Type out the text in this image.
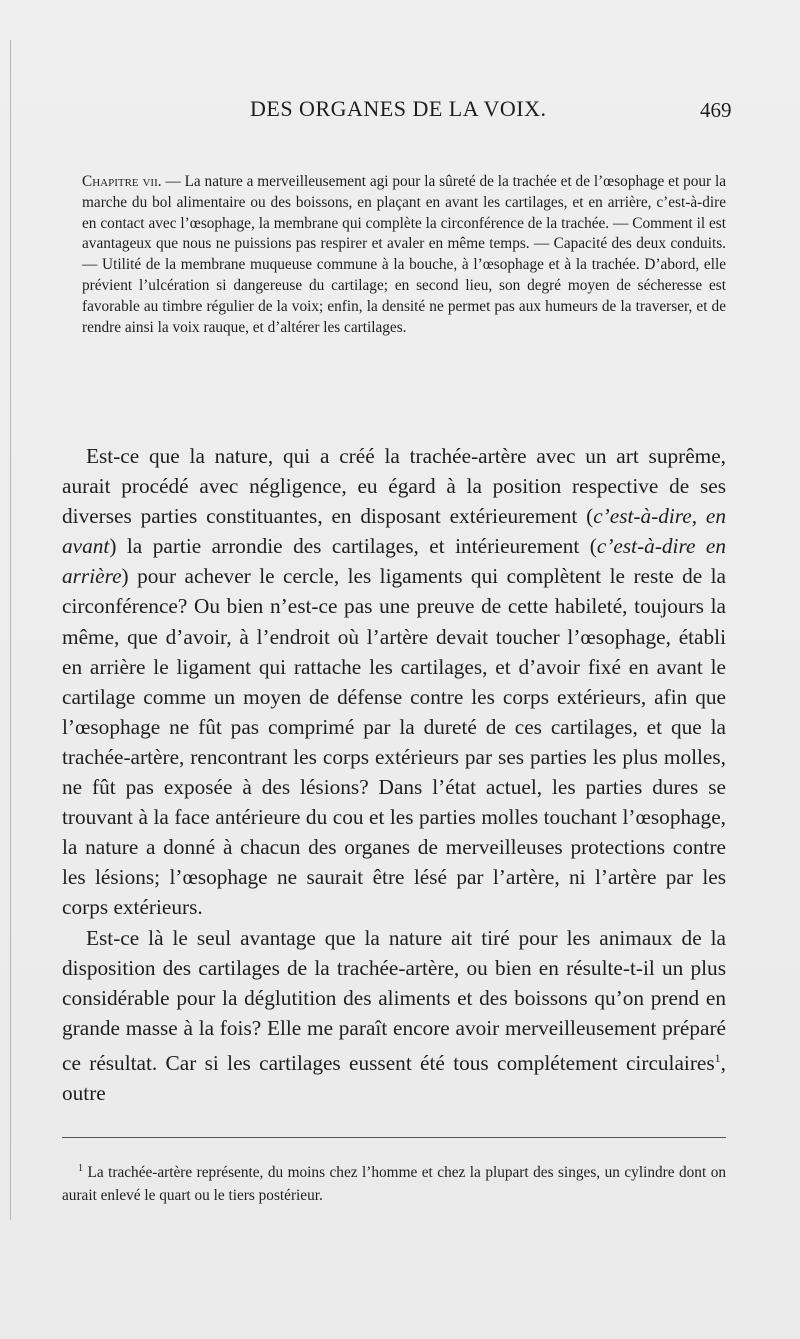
DES ORGANES DE LA VOIX.	469
Chapitre vii. — La nature a merveilleusement agi pour la sûreté de la trachée et de l’œsophage et pour la marche du bol alimentaire ou des boissons, en plaçant en avant les cartilages, et en arrière, c’est-à-dire en contact avec l’œsophage, la membrane qui complète la circonférence de la trachée. — Comment il est avantageux que nous ne puissions pas respirer et avaler en même temps. — Capacité des deux conduits. — Utilité de la membrane muqueuse commune à la bouche, à l’œsophage et à la trachée. D’abord, elle prévient l’ulcération si dangereuse du cartilage; en second lieu, son degré moyen de sécheresse est favorable au timbre régulier de la voix; enfin, la densité ne permet pas aux humeurs de la traverser, et de rendre ainsi la voix rauque, et d’altérer les cartilages.

Est-ce que la nature, qui a créé la trachée-artère avec un art suprême, aurait procédé avec négligence, eu égard à la position respective de ses diverses parties constituantes, en disposant extérieurement (c’est-à-dire, en avant) la partie arrondie des cartilages, et intérieurement (c’est-à-dire en arrière) pour achever le cercle, les ligaments qui complètent le reste de la circonférence? Ou bien n’est-ce pas une preuve de cette habileté, toujours la même, que d’avoir, à l’endroit où l’artère devait toucher l’œsophage, établi en arrière le ligament qui rattache les cartilages, et d’avoir fixé en avant le cartilage comme un moyen de défense contre les corps extérieurs, afin que l’œsophage ne fût pas comprimé par la dureté de ces cartilages, et que la trachée-artère, rencontrant les corps extérieurs par ses parties les plus molles, ne fût pas exposée à des lésions? Dans l’état actuel, les parties dures se trouvant à la face antérieure du cou et les parties molles touchant l’œsophage, la nature a donné à chacun des organes de merveilleuses protections contre les lésions; l’œsophage ne saurait être lésé par l’artère, ni l’artère par les corps extérieurs.

Est-ce là le seul avantage que la nature ait tiré pour les animaux de la disposition des cartilages de la trachée-artère, ou bien en résulte-t-il un plus considérable pour la déglutition des aliments et des boissons qu’on prend en grande masse à la fois? Elle me paraît encore avoir merveilleusement préparé ce résultat. Car si les cartilages eussent été tous complétement circulaires$^1$, outre

$^1$ La trachée-artère représente, du moins chez l’homme et chez la plupart des singes, un cylindre dont on aurait enlevé le quart ou le tiers postérieur.
